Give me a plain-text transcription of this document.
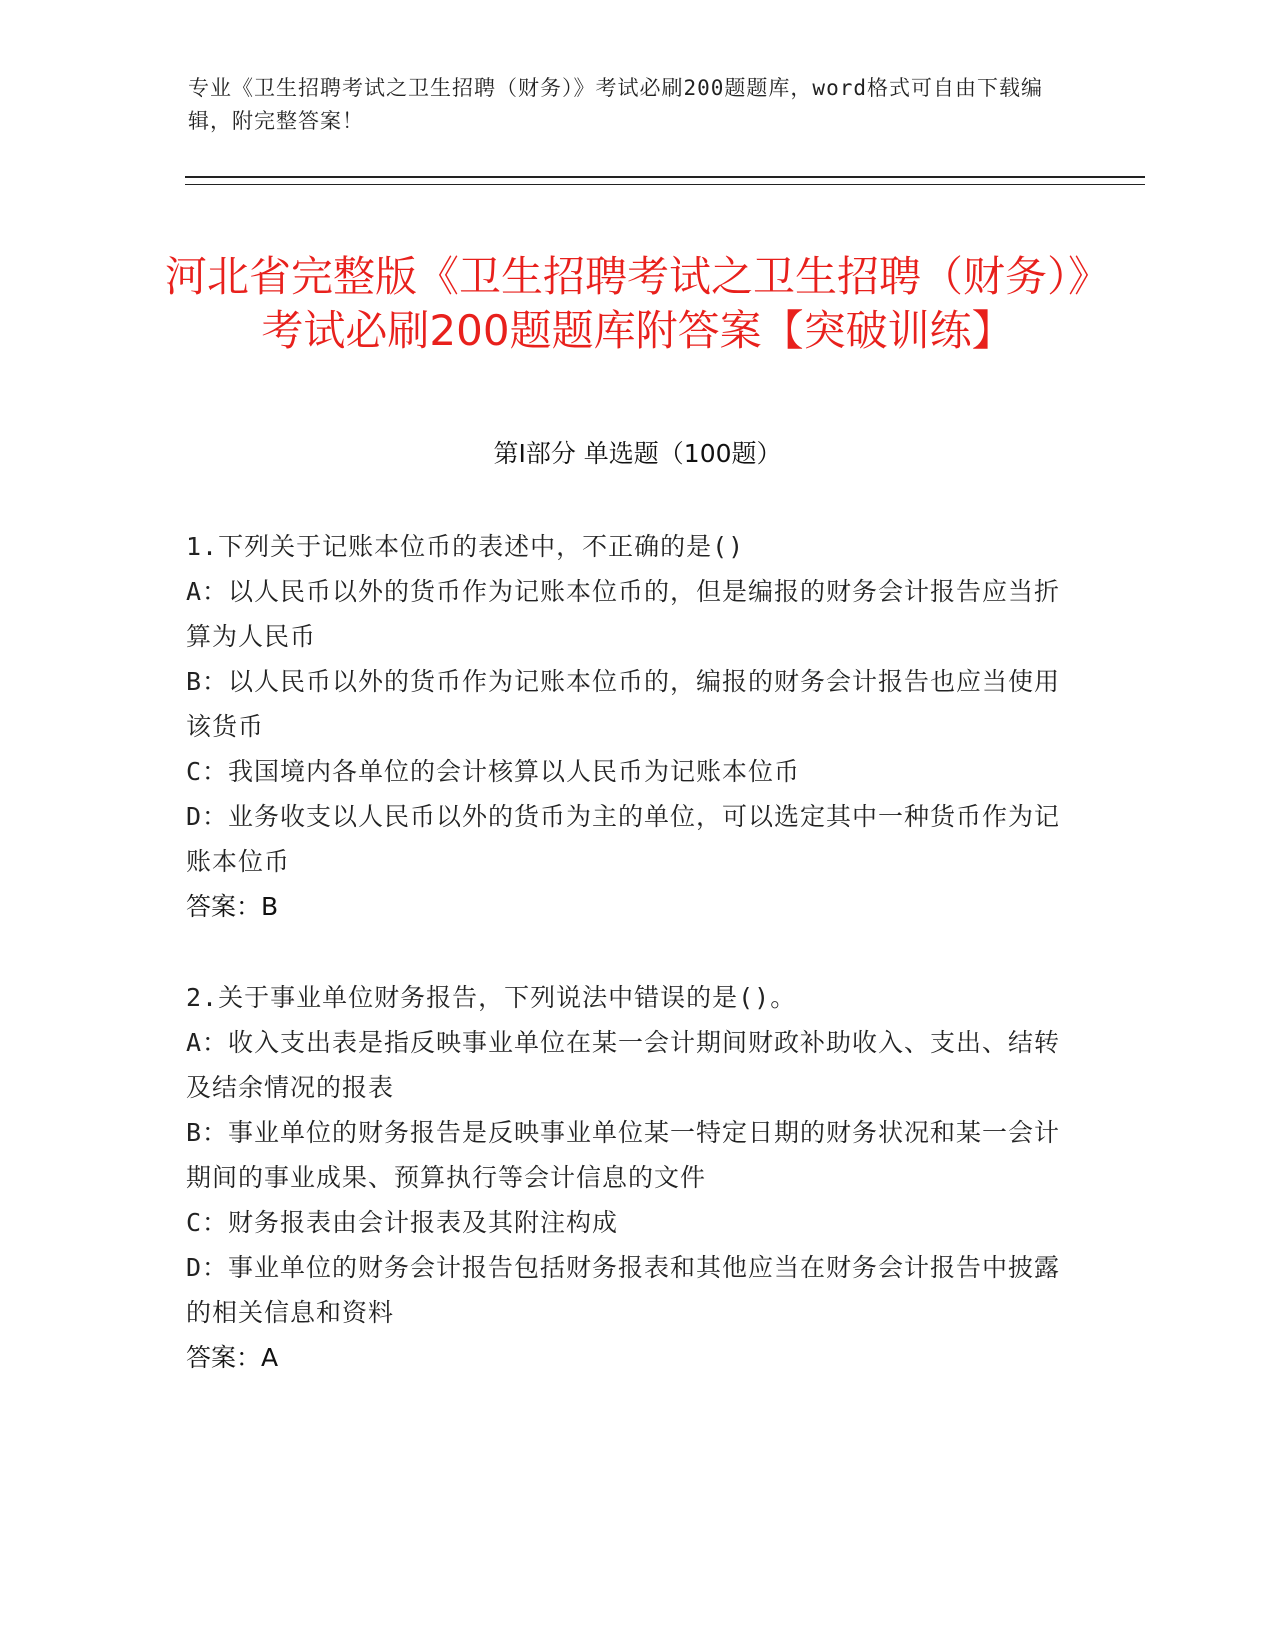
专业《卫生招聘考试之卫生招聘（财务）》考试必刷200题题库，word格式可自由下载编辑，附完整答案！
河北省完整版《卫生招聘考试之卫生招聘（财务）》考试必刷200题题库附答案【突破训练】
第Ⅰ部分 单选题（100题）

1.下列关于记账本位币的表述中，不正确的是()

A：以人民币以外的货币作为记账本位币的，但是编报的财务会计报告应当折算为人民币

B：以人民币以外的货币作为记账本位币的，编报的财务会计报告也应当使用该货币

C：我国境内各单位的会计核算以人民币为记账本位币

D：业务收支以人民币以外的货币为主的单位，可以选定其中一种货币作为记账本位币

答案：B

2.关于事业单位财务报告，下列说法中错误的是()。

A：收入支出表是指反映事业单位在某一会计期间财政补助收入、支出、结转及结余情况的报表

B：事业单位的财务报告是反映事业单位某一特定日期的财务状况和某一会计期间的事业成果、预算执行等会计信息的文件

C：财务报表由会计报表及其附注构成

D：事业单位的财务会计报告包括财务报表和其他应当在财务会计报告中披露的相关信息和资料

答案：A
